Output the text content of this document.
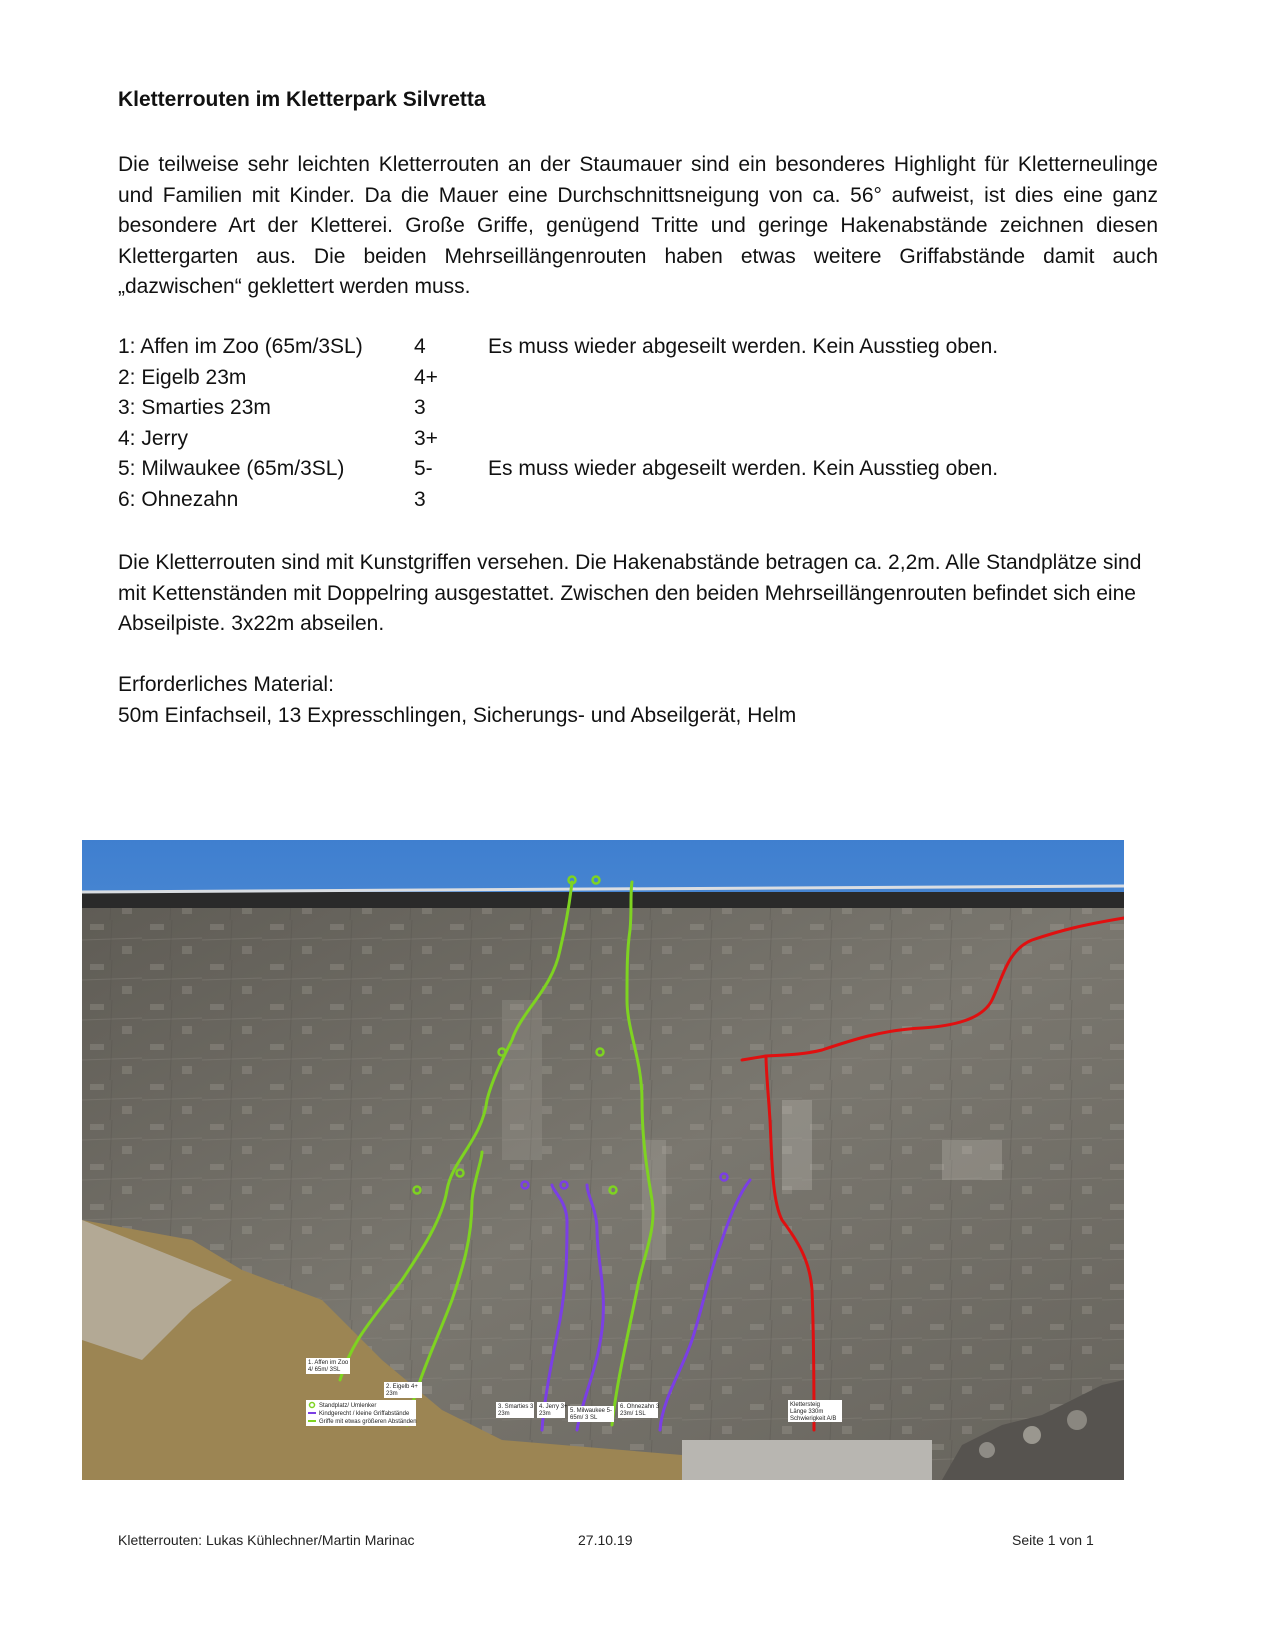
Kletterrouten im Kletterpark Silvretta

Die teilweise sehr leichten Kletterrouten an der Staumauer sind ein besonderes Highlight für Kletterneulinge und Familien mit Kinder. Da die Mauer eine Durchschnittsneigung von ca. 56° aufweist, ist dies eine ganz besondere Art der Kletterei. Große Griffe, genügend Tritte und geringe Hakenabstände zeichnen diesen Klettergarten aus. Die beiden Mehrseillängenrouten haben etwas weitere Griffabstände damit auch „dazwischen“ geklettert werden muss.

1: Affen im Zoo (65m/3SL) 4	Es muss wieder abgeseilt werden. Kein Ausstieg oben.
2: Eigelb 23m	4+
3: Smarties 23m	3
4: Jerry	3+
5: Milwaukee (65m/3SL)	5-	Es muss wieder abgeseilt werden. Kein Ausstieg oben.
6: Ohnezahn	3

Die Kletterrouten sind mit Kunstgriffen versehen. Die Hakenabstände betragen ca. 2,2m. Alle Standplätze sind mit Kettenständen mit Doppelring ausgestattet. Zwischen den beiden Mehrseillängenrouten befindet sich eine Abseilpiste. 3x22m abseilen.

Erforderliches Material:
50m Einfachseil, 13 Expresschlingen, Sicherungs- und Abseilgerät, Helm
1. Affen im Zoo
4/ 65m/ 3SL
2. Eigelb 4+
23m
Standplatz/ Umlenker
Kindgerecht / kleine Griffabstände
Griffe mit etwas größeren Abständen
3. Smarties 3
23m
4. Jerry 3+
23m	5. Milwaukee 5-
65m/ 3 SL
6. Ohnezahn 3
23m/ 1SL
Klettersteig
Länge 330m
Schwierigkeit A/B
Kletterrouten: Lukas Kühlechner/Martin Marinac	27.10.19	Seite 1 von 1
